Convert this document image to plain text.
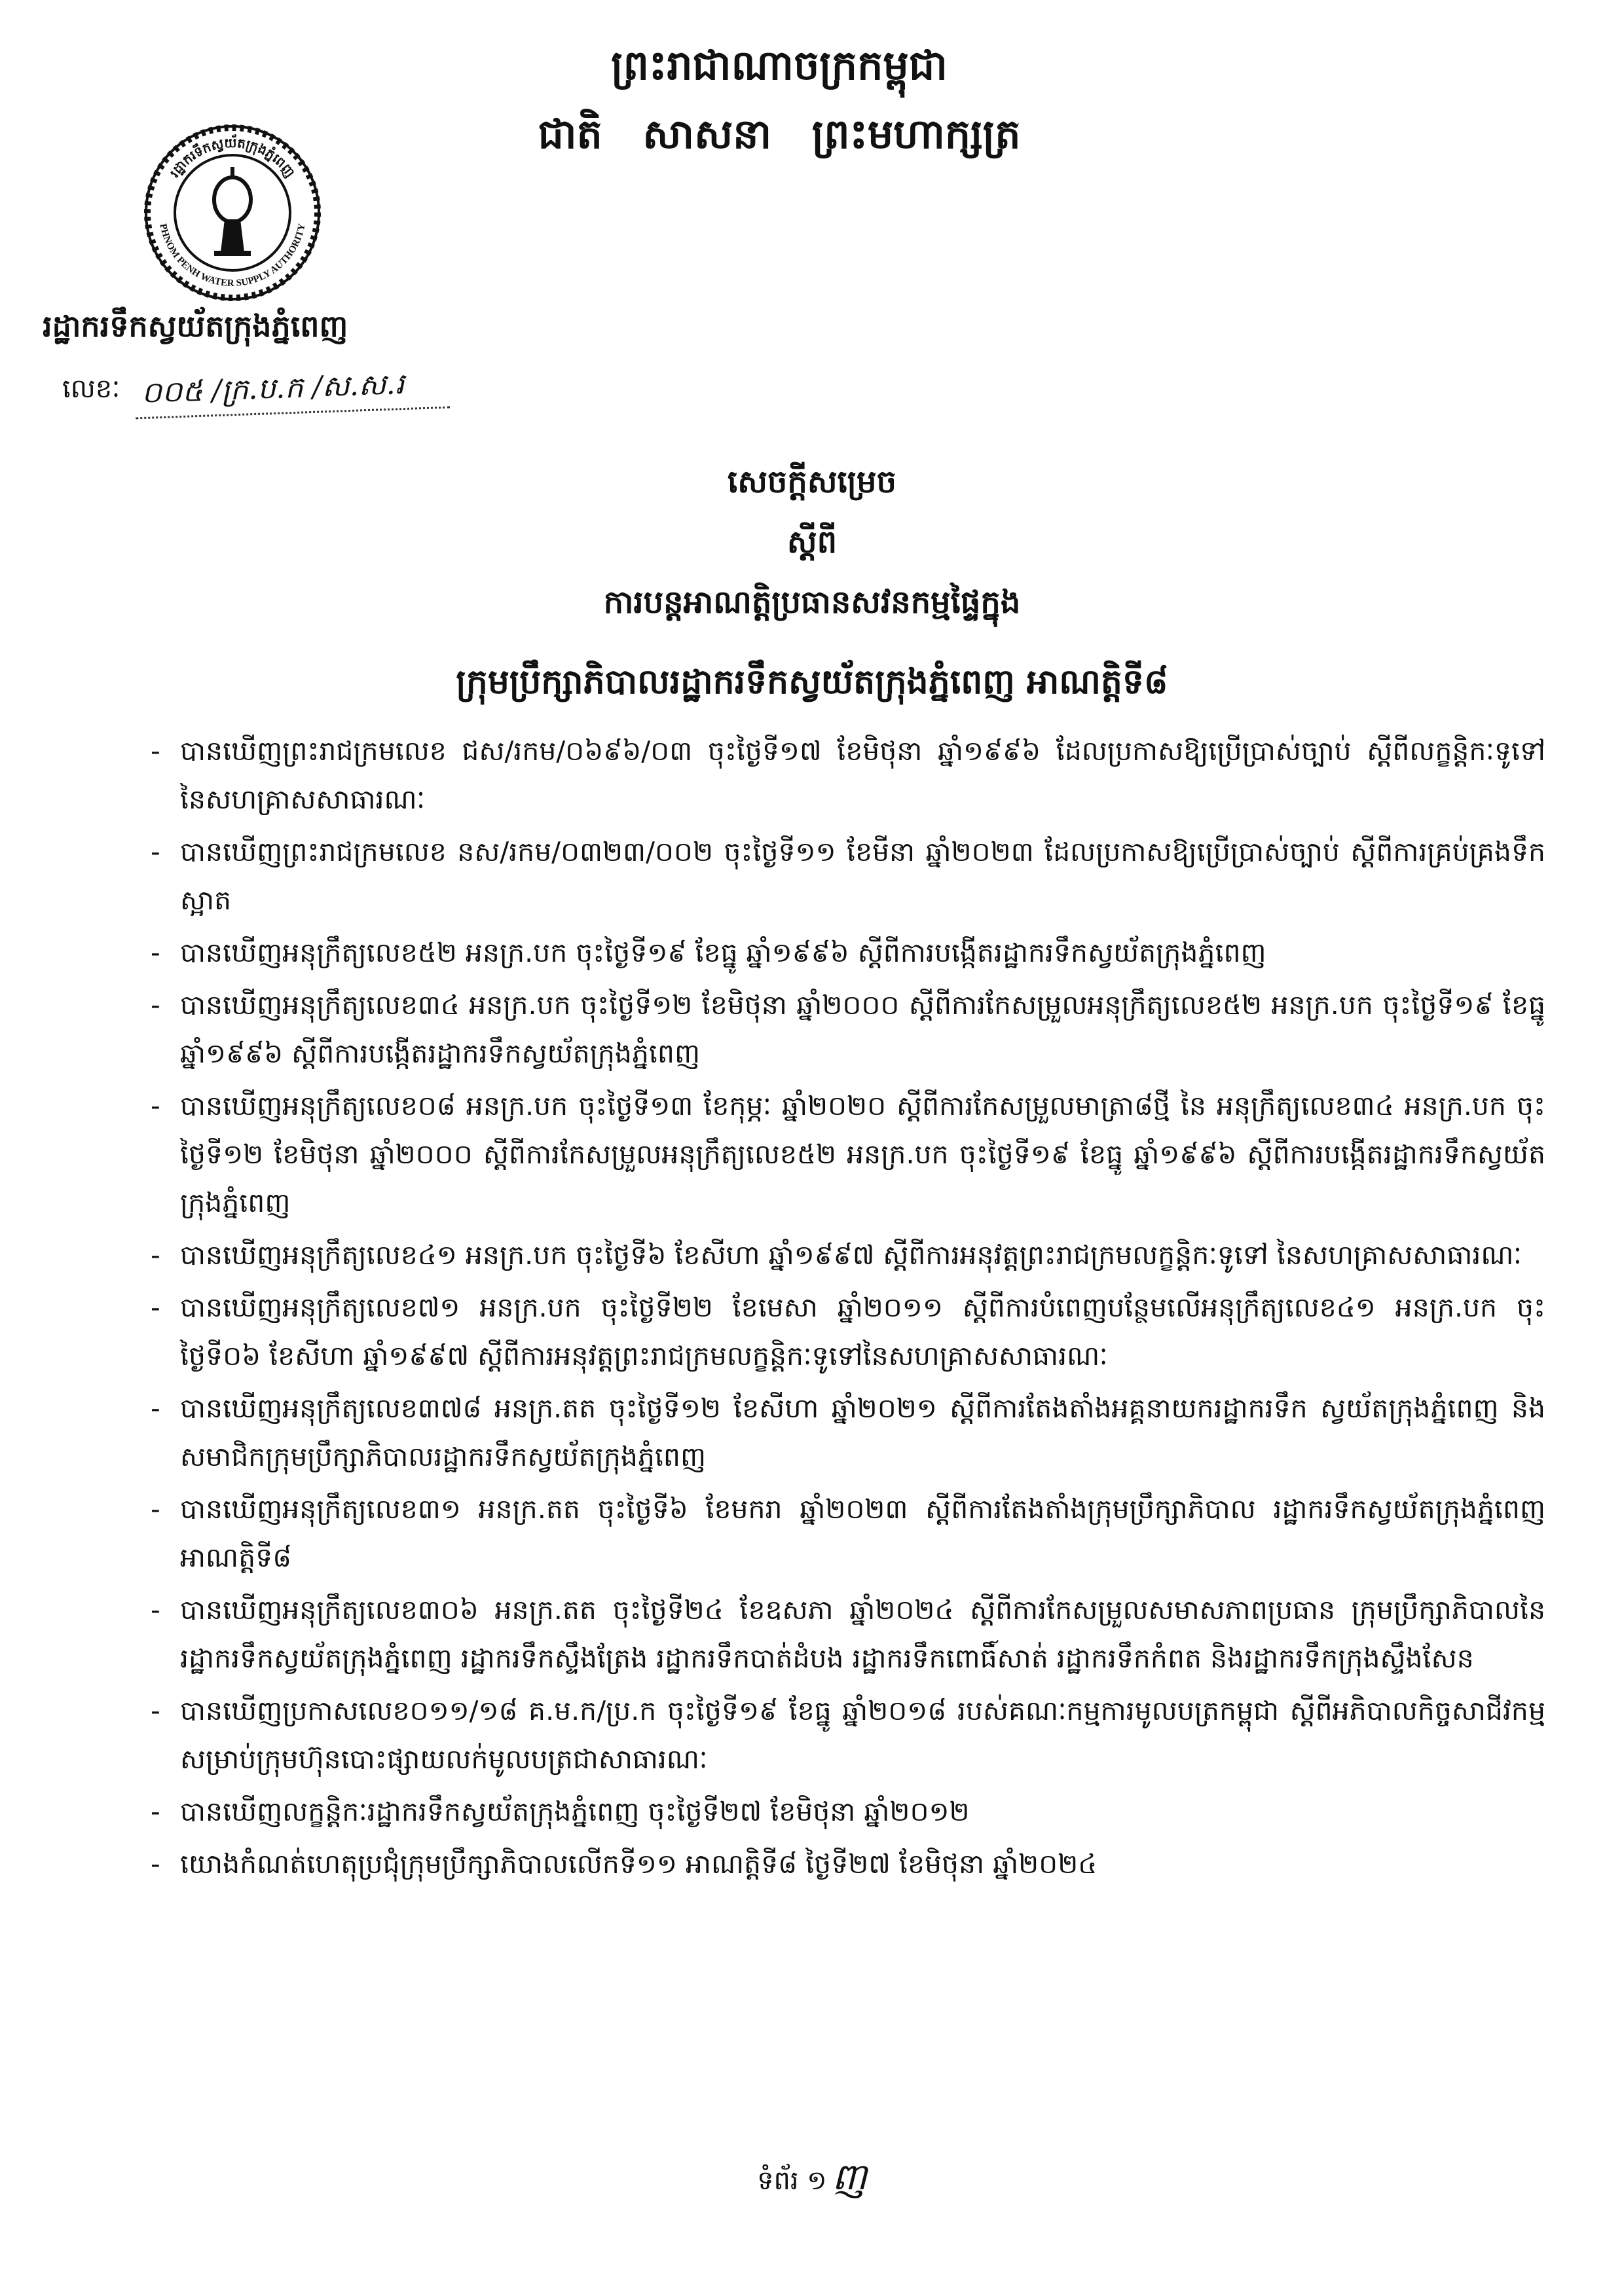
ព្រះរាជាណាចក្រកម្ពុជា
ជាតិ សាសនា ព្រះមហាក្សត្រ
រដ្ឋាករទឹកស្វយ័តក្រុងភ្នំពេញ
PHNOM PENH WATER SUPPLY AUTHORITY
រដ្ឋាករទឹកស្វយ័តក្រុងភ្នំពេញ
លេខៈ ០០៥ /ក្រ.ប.ក /ស.ស.រ
សេចក្តីសម្រេច
ស្តីពី
ការបន្តអាណត្តិប្រធានសវនកម្មផ្ទៃក្នុង
ក្រុមប្រឹក្សាភិបាលរដ្ឋាករទឹកស្វយ័តក្រុងភ្នំពេញ អាណត្តិទី៨
- បានឃើញព្រះរាជក្រមលេខ ជស/រកម/០៦៩៦/០៣ ចុះថ្ងៃទី១៧ ខែមិថុនា ឆ្នាំ១៩៩៦ ដែលប្រកាសឱ្យប្រើប្រាស់ច្បាប់ ស្តីពីលក្ខន្តិកៈទូទៅនៃសហគ្រាសសាធារណៈ
- បានឃើញព្រះរាជក្រមលេខ នស/រកម/០៣២៣/០០២ ចុះថ្ងៃទី១១ ខែមីនា ឆ្នាំ២០២៣ ដែលប្រកាសឱ្យប្រើប្រាស់ច្បាប់ ស្តីពីការគ្រប់គ្រងទឹកស្អាត
- បានឃើញអនុក្រឹត្យលេខ៥២ អនក្រ.បក ចុះថ្ងៃទី១៩ ខែធ្នូ ឆ្នាំ១៩៩៦ ស្តីពីការបង្កើតរដ្ឋាករទឹកស្វយ័តក្រុងភ្នំពេញ
- បានឃើញអនុក្រឹត្យលេខ៣៤ អនក្រ.បក ចុះថ្ងៃទី១២ ខែមិថុនា ឆ្នាំ២០០០ ស្តីពីការកែសម្រួលអនុក្រឹត្យលេខ៥២ អនក្រ.បក ចុះថ្ងៃទី១៩ ខែធ្នូ ឆ្នាំ១៩៩៦ ស្តីពីការបង្កើតរដ្ឋាករទឹកស្វយ័តក្រុងភ្នំពេញ
- បានឃើញអនុក្រឹត្យលេខ០៨ អនក្រ.បក ចុះថ្ងៃទី១៣ ខែកុម្ភៈ ឆ្នាំ២០២០ ស្តីពីការកែសម្រួលមាត្រា៨ថ្មី នៃ អនុក្រឹត្យលេខ៣៤ អនក្រ.បក ចុះថ្ងៃទី១២ ខែមិថុនា ឆ្នាំ២០០០ ស្តីពីការកែសម្រួលអនុក្រឹត្យលេខ៥២ អនក្រ.បក ចុះថ្ងៃទី១៩ ខែធ្នូ ឆ្នាំ១៩៩៦ ស្តីពីការបង្កើតរដ្ឋាករទឹកស្វយ័តក្រុងភ្នំពេញ
- បានឃើញអនុក្រឹត្យលេខ៤១ អនក្រ.បក ចុះថ្ងៃទី៦ ខែសីហា ឆ្នាំ១៩៩៧ ស្តីពីការអនុវត្តព្រះរាជក្រមលក្ខន្តិកៈទូទៅ នៃសហគ្រាសសាធារណៈ
- បានឃើញអនុក្រឹត្យលេខ៧១ អនក្រ.បក ចុះថ្ងៃទី២២ ខែមេសា ឆ្នាំ២០១១ ស្តីពីការបំពេញបន្ថែមលើអនុក្រឹត្យលេខ៤១ អនក្រ.បក ចុះថ្ងៃទី០៦ ខែសីហា ឆ្នាំ១៩៩៧ ស្តីពីការអនុវត្តព្រះរាជក្រមលក្ខន្តិកៈទូទៅនៃសហគ្រាសសាធារណៈ
- បានឃើញអនុក្រឹត្យលេខ៣៧៨ អនក្រ.តត ចុះថ្ងៃទី១២ ខែសីហា ឆ្នាំ២០២១ ស្តីពីការតែងតាំងអគ្គនាយករដ្ឋាករទឹក ស្វយ័តក្រុងភ្នំពេញ និងសមាជិកក្រុមប្រឹក្សាភិបាលរដ្ឋាករទឹកស្វយ័តក្រុងភ្នំពេញ
- បានឃើញអនុក្រឹត្យលេខ៣១ អនក្រ.តត ចុះថ្ងៃទី៦ ខែមករា ឆ្នាំ២០២៣ ស្តីពីការតែងតាំងក្រុមប្រឹក្សាភិបាល រដ្ឋាករទឹកស្វយ័តក្រុងភ្នំពេញ អាណត្តិទី៨
- បានឃើញអនុក្រឹត្យលេខ៣០៦ អនក្រ.តត ចុះថ្ងៃទី២៤ ខែឧសភា ឆ្នាំ២០២៤ ស្តីពីការកែសម្រួលសមាសភាពប្រធាន ក្រុមប្រឹក្សាភិបាលនៃរដ្ឋាករទឹកស្វយ័តក្រុងភ្នំពេញ រដ្ឋាករទឹកស្ទឹងត្រែង រដ្ឋាករទឹកបាត់ដំបង រដ្ឋាករទឹកពោធិ៍សាត់ រដ្ឋាករទឹកកំពត និងរដ្ឋាករទឹកក្រុងស្ទឹងសែន
- បានឃើញប្រកាសលេខ០១១/១៨ គ.ម.ក/ប្រ.ក ចុះថ្ងៃទី១៩ ខែធ្នូ ឆ្នាំ២០១៨ របស់គណៈកម្មការមូលបត្រកម្ពុជា ស្តីពីអភិបាលកិច្ចសាជីវកម្មសម្រាប់ក្រុមហ៊ុនបោះផ្សាយលក់មូលបត្រជាសាធារណៈ
- បានឃើញលក្ខន្តិកៈរដ្ឋាករទឹកស្វយ័តក្រុងភ្នំពេញ ចុះថ្ងៃទី២៧ ខែមិថុនា ឆ្នាំ២០១២
- យោងកំណត់ហេតុប្រជុំក្រុមប្រឹក្សាភិបាលលើកទី១១ អាណត្តិទី៨ ថ្ងៃទី២៧ ខែមិថុនា ឆ្នាំ២០២៤
ទំព័រ ១ ញ
